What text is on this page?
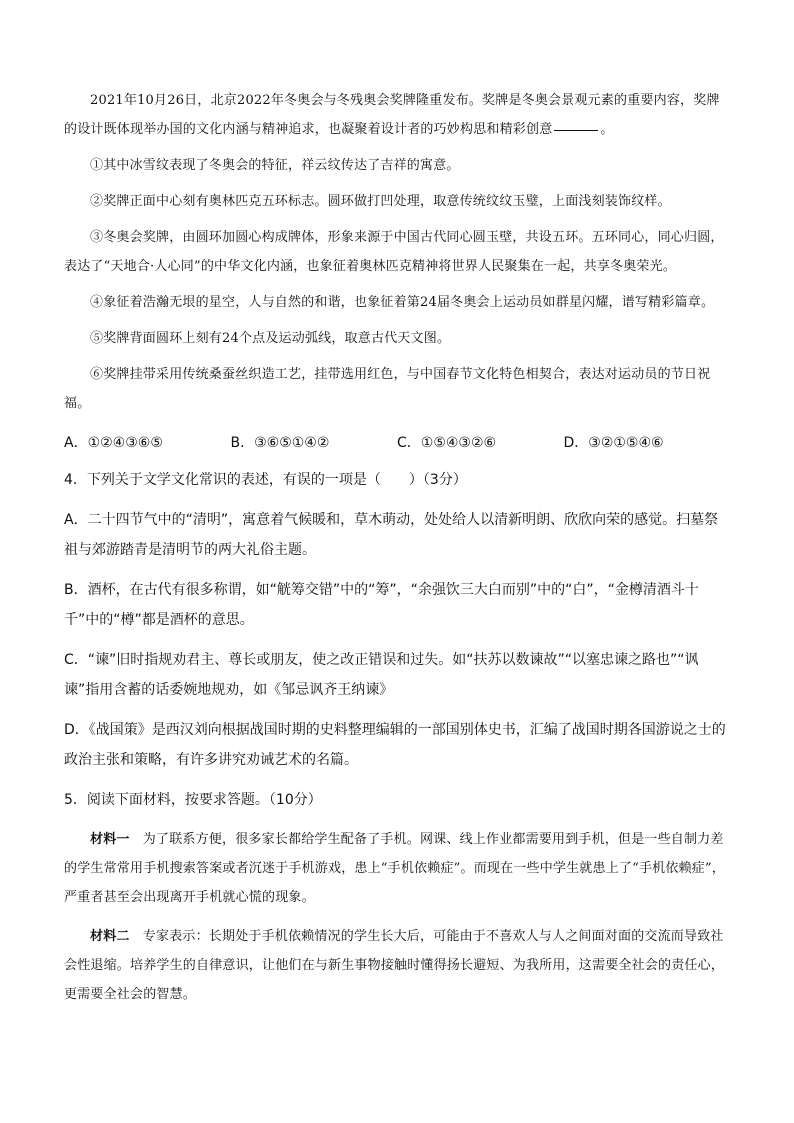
2021年10月26日，北京2022年冬奥会与冬残奥会奖牌隆重发布。奖牌是冬奥会景观元素的重要内容，奖牌的设计既体现举办国的文化内涵与精神追求，也凝聚着设计者的巧妙构思和精彩创意	。

①其中冰雪纹表现了冬奥会的特征，祥云纹传达了吉祥的寓意。

②奖牌正面中心刻有奥林匹克五环标志。圆环做打凹处理，取意传统纹纹玉璧，上面浅刻装饰纹样。

③冬奥会奖牌，由圆环加圆心构成牌体，形象来源于中国古代同心圆玉壁，共设五环。五环同心，同心归圆，表达了“天地合·人心同”的中华文化内涵，也象征着奥林匹克精神将世界人民聚集在一起，共享冬奥荣光。

④象征着浩瀚无垠的星空，人与自然的和谐，也象征着第24届冬奥会上运动员如群星闪耀，谱写精彩篇章。

⑤奖牌背面圆环上刻有24个点及运动弧线，取意古代天文图。

⑥奖牌挂带采用传统桑蚕丝织造工艺，挂带选用红色，与中国春节文化特色相契合，表达对运动员的节日祝福。

A．①②④③⑥⑤	B．③⑥⑤①④②	C．①⑤④③②⑥	D．③②①⑤④⑥

4．下列关于文学文化常识的表述，有误的一项是（　　）（3分）

A．二十四节气中的“清明”，寓意着气候暖和，草木萌动，处处给人以清新明朗、欣欣向荣的感觉。扫墓祭祖与郊游踏青是清明节的两大礼俗主题。

B．酒杯，在古代有很多称谓，如“觥筹交错”中的“筹”，“余强饮三大白而别”中的“白”，“金樽清酒斗十千”中的“樽”都是酒杯的意思。

C．“谏”旧时指规劝君主、尊长或朋友，使之改正错误和过失。如“扶苏以数谏故”“以塞忠谏之路也”“讽谏”指用含蓄的话委婉地规劝，如《邹忌讽齐王纳谏》

D．《战国策》是西汉刘向根据战国时期的史料整理编辑的一部国别体史书，汇编了战国时期各国游说之士的政治主张和策略，有许多讲究劝诫艺术的名篇。

5．阅读下面材料，按要求答题。（10分）

材料一　为了联系方便，很多家长都给学生配备了手机。网课、线上作业都需要用到手机，但是一些自制力差的学生常常用手机搜索答案或者沉迷于手机游戏，患上“手机依赖症”。而现在一些中学生就患上了“手机依赖症”，严重者甚至会出现离开手机就心慌的现象。

材料二　专家表示：长期处于手机依赖情况的学生长大后，可能由于不喜欢人与人之间面对面的交流而导致社会性退缩。培养学生的自律意识，让他们在与新生事物接触时懂得扬长避短、为我所用，这需要全社会的责任心，更需要全社会的智慧。
